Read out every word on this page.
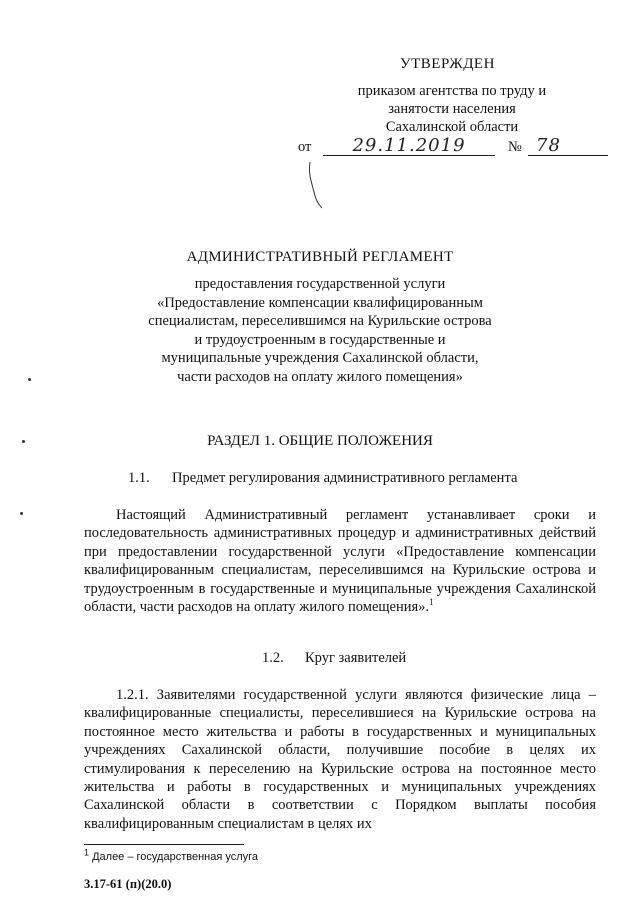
УТВЕРЖДЕН
приказом агентства по труду и
занятости населения
Сахалинской области
от	29.11.2019	№ 78
АДМИНИСТРАТИВНЫЙ РЕГЛАМЕНТ
предоставления государственной услуги
«Предоставление компенсации квалифицированным
специалистам, переселившимся на Курильские острова
и трудоустроенным в государственные и
муниципальные учреждения Сахалинской области,
части расходов на оплату жилого помещения»
РАЗДЕЛ 1. ОБЩИЕ ПОЛОЖЕНИЯ
1.1. Предмет регулирования административного регламента
Настоящий Административный регламент устанавливает сроки и последовательность административных процедур и административных действий при предоставлении государственной услуги «Предоставление компенсации квалифицированным специалистам, переселившимся на Курильские острова и трудоустроенным в государственные и муниципальные учреждения Сахалинской области, части расходов на оплату жилого помещения».$^1$
1.2. Круг заявителей
1.2.1. Заявителями государственной услуги являются физические лица – квалифицированные специалисты, переселившиеся на Курильские острова на постоянное место жительства и работы в государственных и муниципальных учреждениях Сахалинской области, получившие пособие в целях их стимулирования к переселению на Курильские острова на постоянное место жительства и работы в государственных и муниципальных учреждениях Сахалинской области в соответствии с Порядком выплаты пособия квалифицированным специалистам в целях их
$^1$ Далее – государственная услуга
3.17-61 (п)(20.0)
